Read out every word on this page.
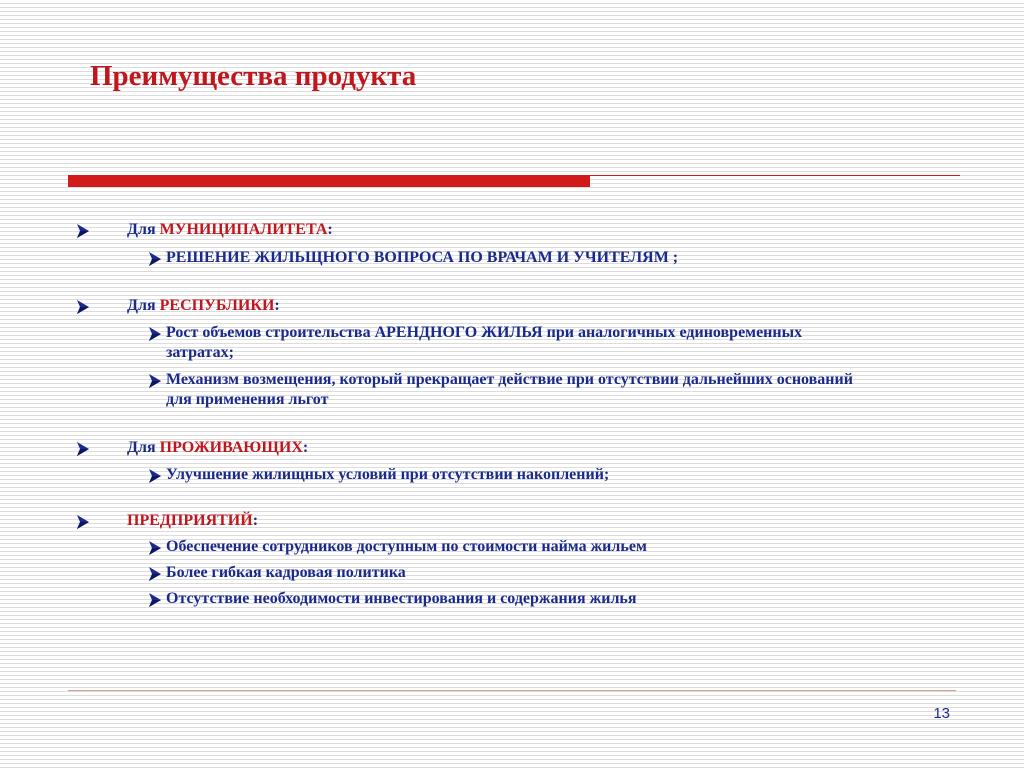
Преимущества продукта
Для МУНИЦИПАЛИТЕТА:
РЕШЕНИЕ ЖИЛЬЩНОГО ВОПРОСА ПО ВРАЧАМ И УЧИТЕЛЯМ ;
Для РЕСПУБЛИКИ:
Рост объемов строительства АРЕНДНОГО ЖИЛЬЯ при аналогичных единовременных затратах;
Механизм возмещения, который прекращает действие при отсутствии дальнейших оснований для применения льгот
Для ПРОЖИВАЮЩИХ:
Улучшение жилищных условий при отсутствии накоплений;
ПРЕДПРИЯТИЙ:
Обеспечение сотрудников доступным по стоимости найма жильем
Более гибкая кадровая политика
Отсутствие необходимости инвестирования и содержания жилья
13
